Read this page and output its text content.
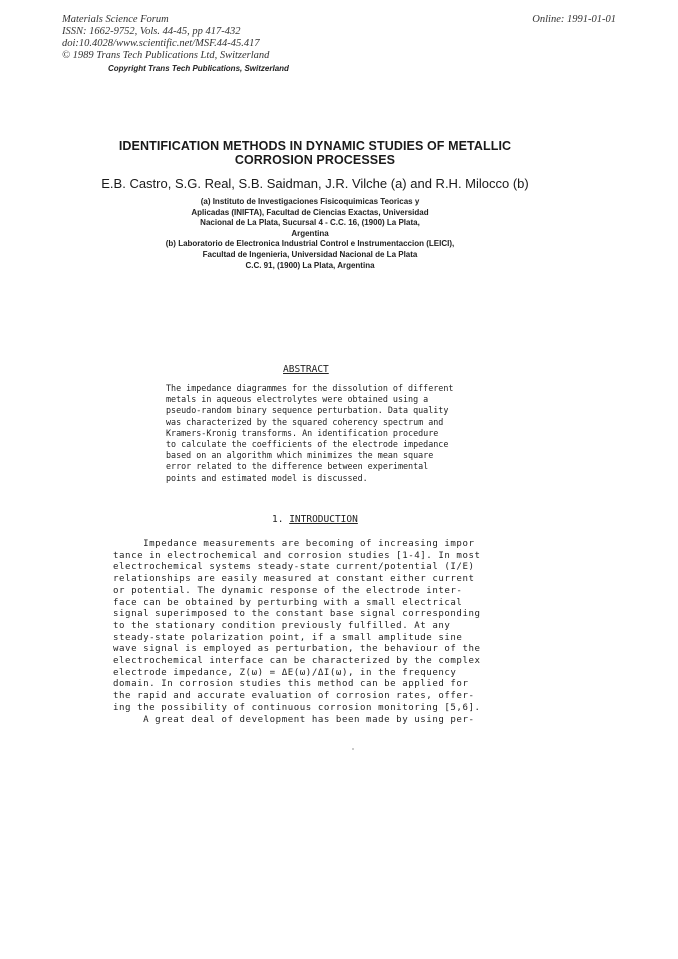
Materials Science Forum
ISSN: 1662-9752, Vols. 44-45, pp 417-432
doi:10.4028/www.scientific.net/MSF.44-45.417
© 1989 Trans Tech Publications Ltd, Switzerland
Copyright Trans Tech Publications, Switzerland
Online: 1991-01-01
IDENTIFICATION METHODS IN DYNAMIC STUDIES OF METALLIC
CORROSION PROCESSES
E.B. Castro, S.G. Real, S.B. Saidman, J.R. Vilche (a) and R.H. Milocco (b)
(a) Instituto de Investigaciones Fisicoquimicas Teoricas y
Aplicadas (INIFTA), Facultad de Ciencias Exactas, Universidad
Nacional de La Plata, Sucursal 4 - C.C. 16, (1900) La Plata,
Argentina
(b) Laboratorio de Electronica Industrial Control e Instrumentaccion (LEICI),
Facultad de Ingenieria, Universidad Nacional de La Plata
C.C. 91, (1900) La Plata, Argentina
ABSTRACT
The impedance diagrammes for the dissolution of different
metals in aqueous electrolytes were obtained using a
pseudo-random binary sequence perturbation. Data quality
was characterized by the squared coherency spectrum and
Kramers-Kronig transforms. An identification procedure
to calculate the coefficients of the electrode impedance
based on an algorithm which minimizes the mean square
error related to the difference between experimental
points and estimated model is discussed.
1. INTRODUCTION
Impedance measurements are becoming of increasing impor
tance in electrochemical and corrosion studies [1-4]. In most
electrochemical systems steady-state current/potential (I/E)
relationships are easily measured at constant either current
or potential. The dynamic response of the electrode inter-
face can be obtained by perturbing with a small electrical
signal superimposed to the constant base signal corresponding
to the stationary condition previously fulfilled. At any
steady-state polarization point, if a small amplitude sine
wave signal is employed as perturbation, the behaviour of the
electrochemical interface can be characterized by the complex
electrode impedance, Z(ω) = ΔE(ω)/ΔI(ω), in the frequency
domain. In corrosion studies this method can be applied for
the rapid and accurate evaluation of corrosion rates, offer-
ing the possibility of continuous corrosion monitoring [5,6].
A great deal of development has been made by using per-
